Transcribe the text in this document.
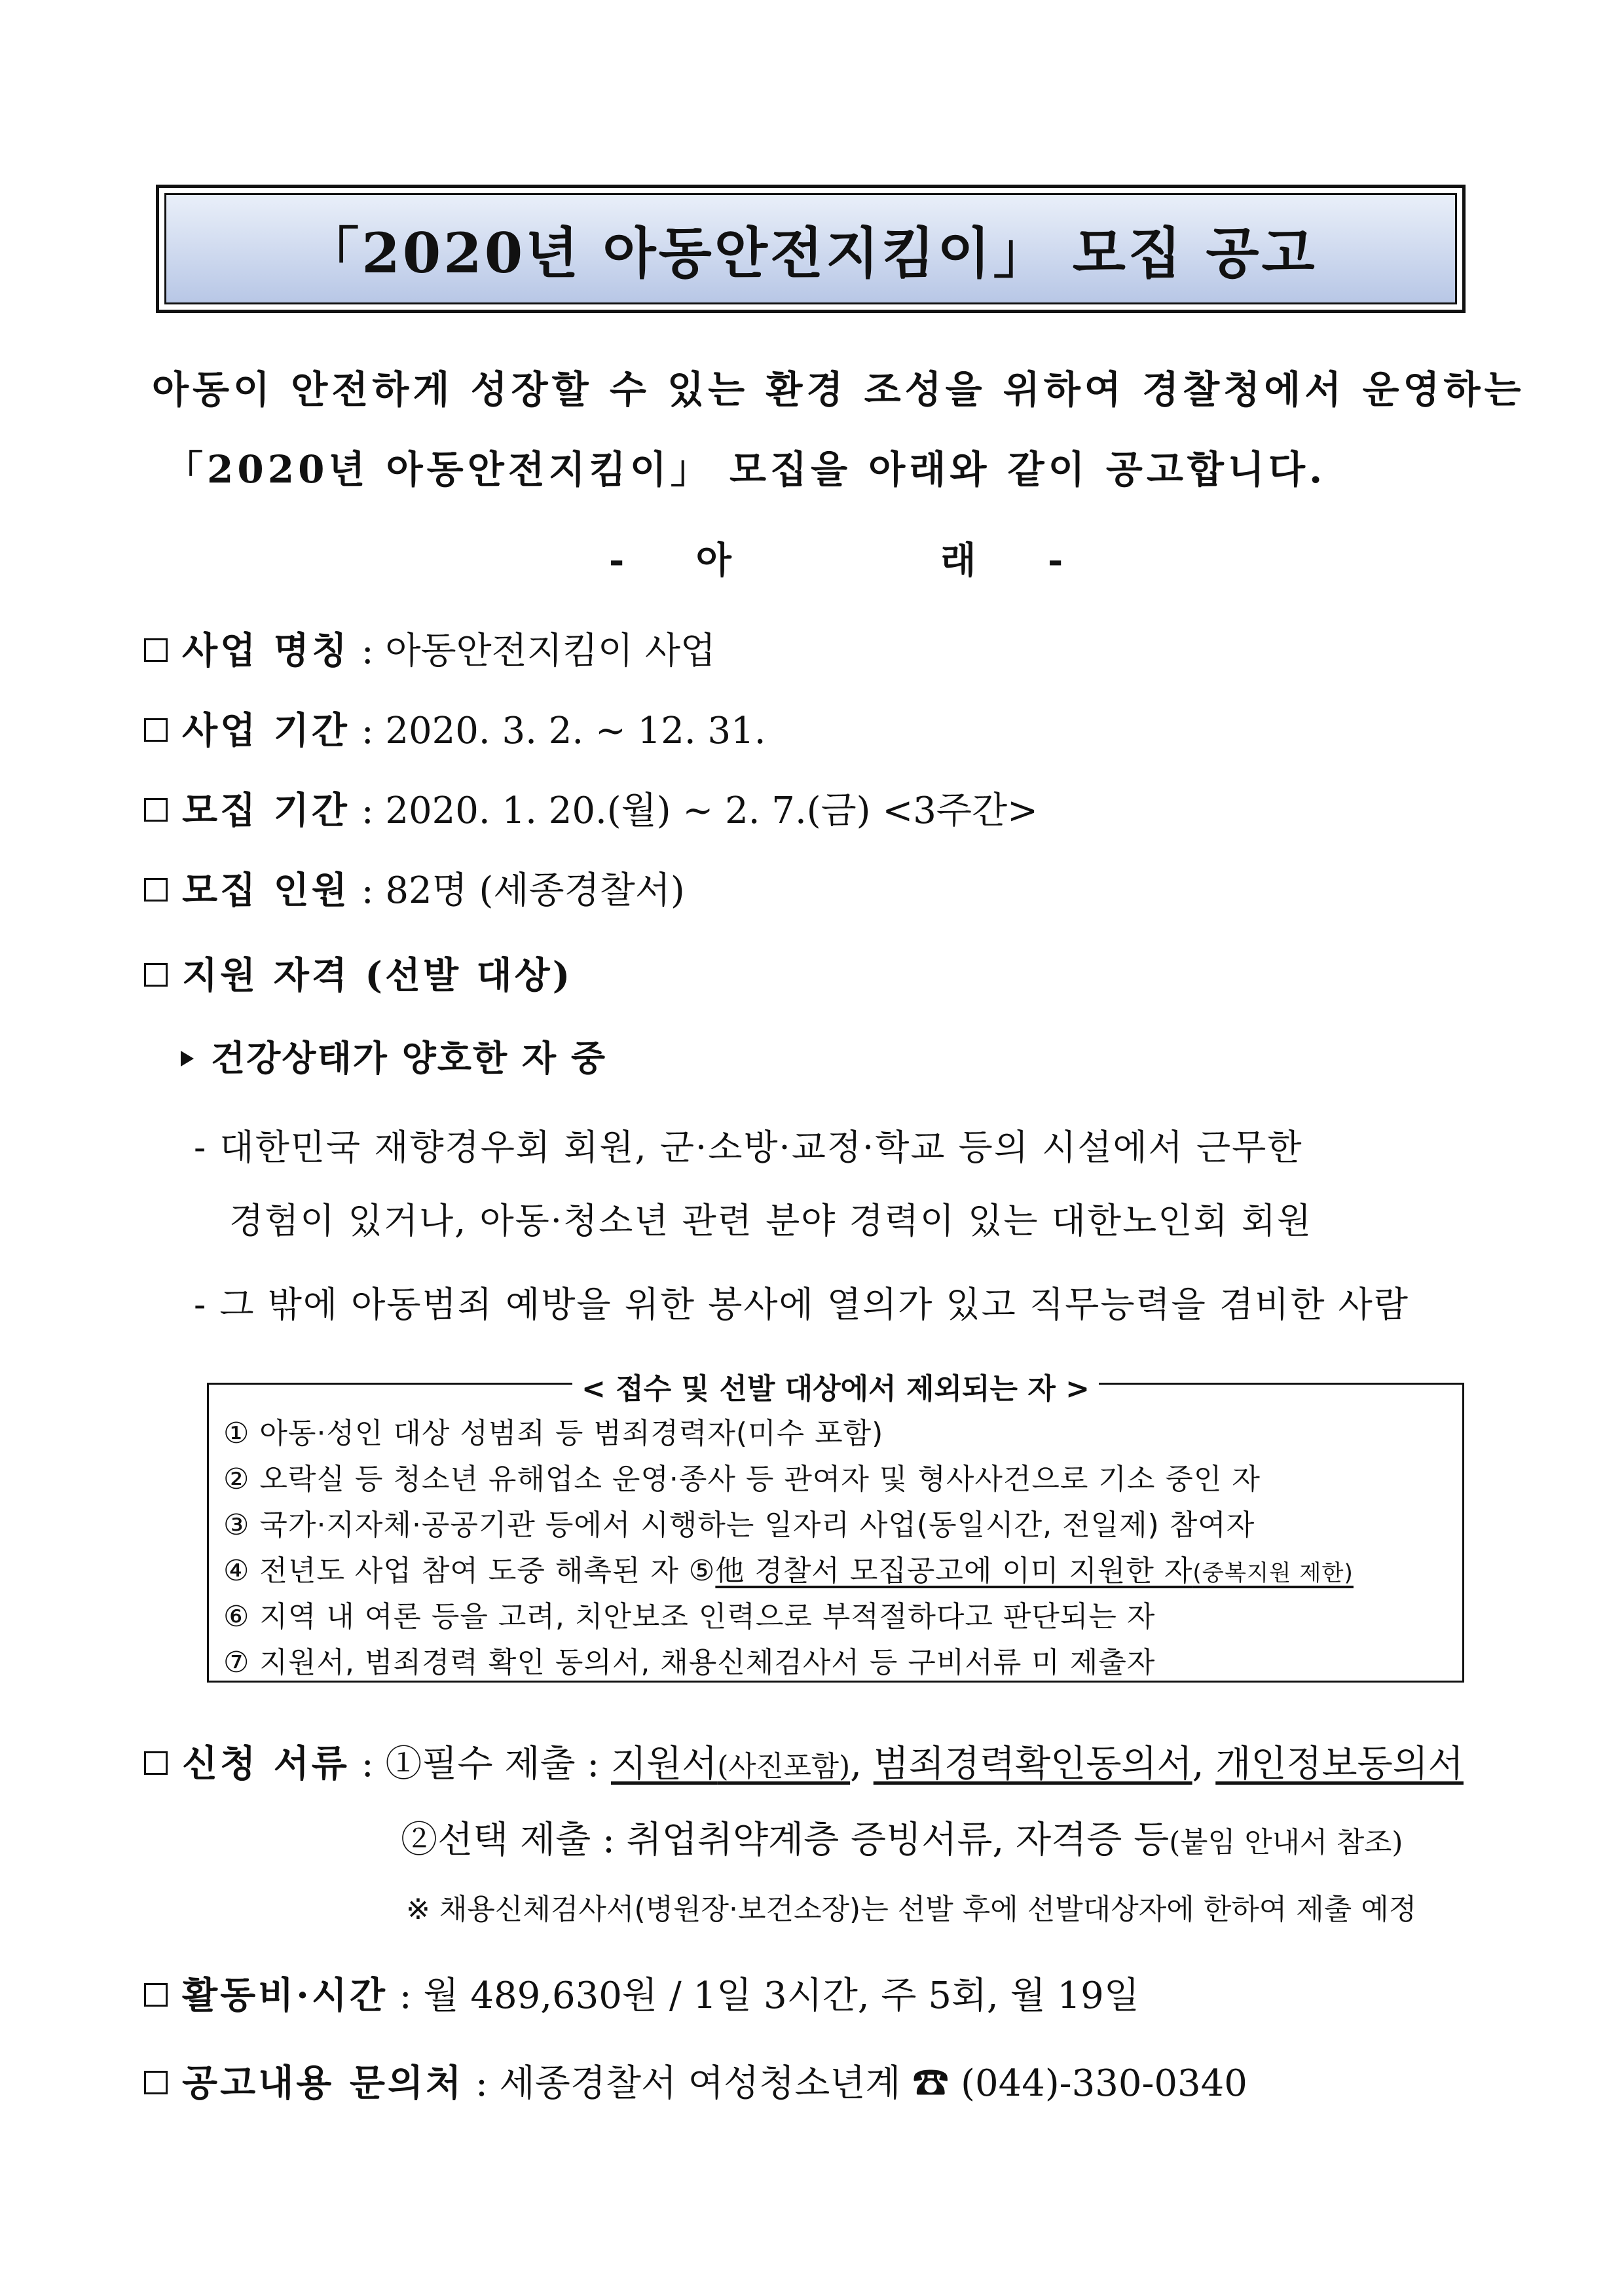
「2020년 아동안전지킴이」 모집 공고
아동이 안전하게 성장할 수 있는 환경 조성을 위하여 경찰청에서 운영하는
「2020년 아동안전지킴이」 모집을 아래와 같이 공고합니다.
- 아	래 -
사업 명칭 : 아동안전지킴이 사업
사업 기간 : 2020. 3. 2. ~ 12. 31.
모집 기간 : 2020. 1. 20.(월) ~ 2. 7.(금) <3주간>
모집 인원 : 82명 (세종경찰서)
지원 자격 (선발 대상)
건강상태가 양호한 자 중
- 대한민국 재향경우회 회원, 군·소방·교정·학교 등의 시설에서 근무한
경험이 있거나, 아동·청소년 관련 분야 경력이 있는 대한노인회 회원
- 그 밖에 아동범죄 예방을 위한 봉사에 열의가 있고 직무능력을 겸비한 사람
< 접수 및 선발 대상에서 제외되는 자 >
① 아동·성인 대상 성범죄 등 범죄경력자(미수 포함)
② 오락실 등 청소년 유해업소 운영·종사 등 관여자 및 형사사건으로 기소 중인 자
③ 국가·지자체·공공기관 등에서 시행하는 일자리 사업(동일시간, 전일제) 참여자
④ 전년도 사업 참여 도중 해촉된 자 ⑤他 경찰서 모집공고에 이미 지원한 자(중복지원 제한)
⑥ 지역 내 여론 등을 고려, 치안보조 인력으로 부적절하다고 판단되는 자
⑦ 지원서, 범죄경력 확인 동의서, 채용신체검사서 등 구비서류 미 제출자
신청 서류 : ①필수 제출 : 지원서(사진포함), 범죄경력확인동의서, 개인정보동의서
②선택 제출 : 취업취약계층 증빙서류, 자격증 등(붙임 안내서 참조)
※ 채용신체검사서(병원장·보건소장)는 선발 후에 선발대상자에 한하여 제출 예정
활동비·시간 : 월 489,630원 / 1일 3시간, 주 5회, 월 19일
공고내용 문의처 : 세종경찰서 여성청소년계 ☎ (044)-330-0340
